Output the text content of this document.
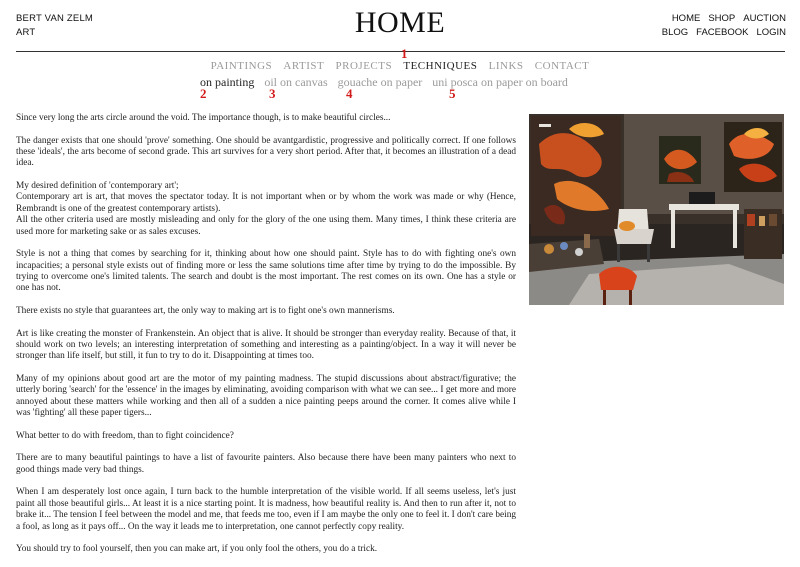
BERT VAN ZELM
ART	HOME	HOME SHOP AUCTION
BLOG FACEBOOK LOGIN
PAINTINGS ARTIST PROJECTS TECHNIQUES LINKS CONTACT
on painting oil on canvas gouache on paper uni posca on paper on board
1
2	3	4	5

Since very long the arts circle around the void. The importance though, is to make beautiful circles...

The danger exists that one should 'prove' something. One should be avantgardistic, progressive and politically correct. If one follows these 'ideals', the arts become of second grade. This art survives for a very short period. After that, it becomes an illustration of a dead idea.

My desired definition of 'contemporary art';
Contemporary art is art, that moves the spectator today. It is not important when or by whom the work was made or why (Hence, Rembrandt is one of the greatest contemporary artists).
All the other criteria used are mostly misleading and only for the glory of the one using them. Many times, I think these criteria are used more for marketing sake or as sales excuses.

Style is not a thing that comes by searching for it, thinking about how one should paint. Style has to do with fighting one's own incapacities; a personal style exists out of finding more or less the same solutions time after time by trying to do the impossible. By trying to overcome one's limited talents. The search and doubt is the most important. The rest comes on its own. One has a style or one has not.

There exists no style that guarantees art, the only way to making art is to fight one's own mannerisms.

Art is like creating the monster of Frankenstein. An object that is alive. It should be stronger than everyday reality. Because of that, it should work on two levels; an interesting interpretation of something and interesting as a painting/object. In a way it will never be stronger than life itself, but still, it fun to try to do it. Disappointing at times too.

Many of my opinions about good art are the motor of my painting madness. The stupid discussions about abstract/figurative; the utterly boring 'search' for the 'essence' in the images by eliminating, avoiding comparison with what we can see... I get more and more annoyed about these matters while working and then all of a sudden a nice painting peeps around the corner. It comes alive while I was 'fighting' all these paper tigers...

What better to do with freedom, than to fight coincidence?

There are to many beautiful paintings to have a list of favourite painters. Also because there have been many painters who next to good things made very bad things.

When I am desperately lost once again, I turn back to the humble interpretation of the visible world. If all seems useless, let's just paint all those beautiful girls... At least it is a nice starting point. It is madness, how beautiful reality is. And then to run after it, not to brake it... The tension I feel between the model and me, that feeds me too, even if I am maybe the only one to feel it. I don't care being a fool, as long as it pays off... On the way it leads me to interpretation, one cannot perfectly copy reality.

You should try to fool yourself, then you can make art, if you only fool the others, you do a trick.
